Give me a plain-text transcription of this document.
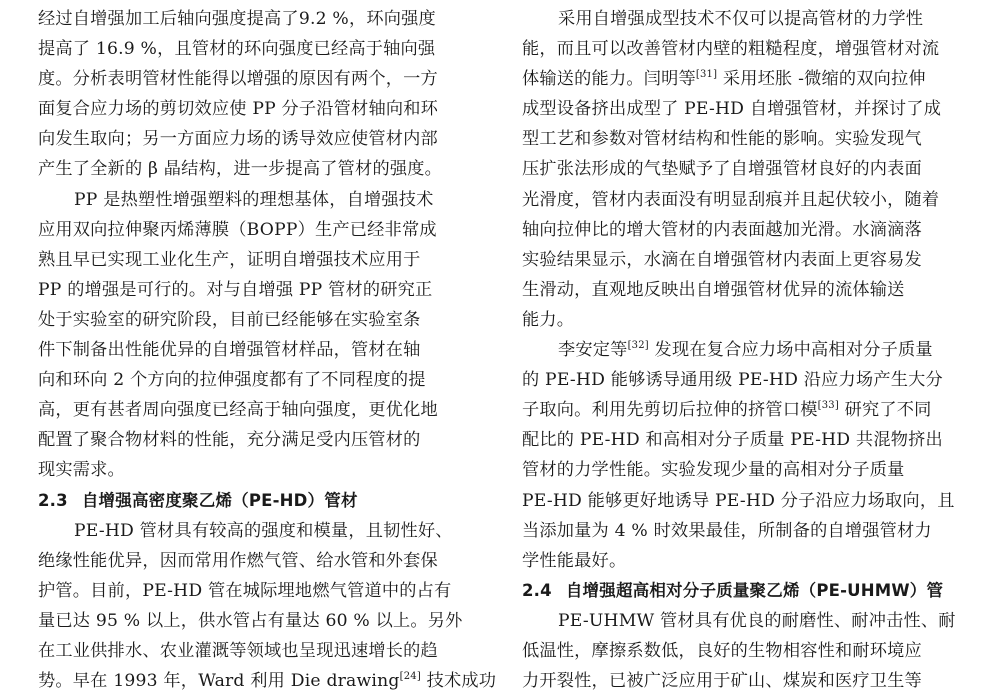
经过自增强加工后轴向强度提高了9.2 %，环向强度
提高了 16.9 %，且管材的环向强度已经高于轴向强
度。分析表明管材性能得以增强的原因有两个，一方
面复合应力场的剪切效应使 PP 分子沿管材轴向和环
向发生取向；另一方面应力场的诱导效应使管材内部
产生了全新的 β 晶结构，进一步提高了管材的强度。
PP 是热塑性增强塑料的理想基体，自增强技术
应用双向拉伸聚丙烯薄膜（BOPP）生产已经非常成
熟且早已实现工业化生产，证明自增强技术应用于
PP 的增强是可行的。对与自增强 PP 管材的研究正
处于实验室的研究阶段，目前已经能够在实验室条
件下制备出性能优异的自增强管材样品，管材在轴
向和环向 2 个方向的拉伸强度都有了不同程度的提
高，更有甚者周向强度已经高于轴向强度，更优化地
配置了聚合物材料的性能，充分满足受内压管材的
现实需求。
2.3 自增强高密度聚乙烯（PE-HD）管材
PE-HD 管材具有较高的强度和模量，且韧性好、
绝缘性能优异，因而常用作燃气管、给水管和外套保
护管。目前，PE-HD 管在城际埋地燃气管道中的占有
量已达 95 % 以上，供水管占有量达 60 % 以上。另外
在工业供排水、农业灌溉等领域也呈现迅速增长的趋
势。早在 1993 年，Ward 利用 Die drawing[24] 技术成功
采用自增强成型技术不仅可以提高管材的力学性
能，而且可以改善管材内壁的粗糙程度，增强管材对流
体输送的能力。闫明等[31] 采用坯胀 -微缩的双向拉伸
成型设备挤出成型了 PE-HD 自增强管材，并探讨了成
型工艺和参数对管材结构和性能的影响。实验发现气
压扩张法形成的气垫赋予了自增强管材良好的内表面
光滑度，管材内表面没有明显刮痕并且起伏较小，随着
轴向拉伸比的增大管材的内表面越加光滑。水滴滴落
实验结果显示，水滴在自增强管材内表面上更容易发
生滑动，直观地反映出自增强管材优异的流体输送
能力。
李安定等[32] 发现在复合应力场中高相对分子质量
的 PE-HD 能够诱导通用级 PE-HD 沿应力场产生大分
子取向。利用先剪切后拉伸的挤管口模[33] 研究了不同
配比的 PE-HD 和高相对分子质量 PE-HD 共混物挤出
管材的力学性能。实验发现少量的高相对分子质量
PE-HD 能够更好地诱导 PE-HD 分子沿应力场取向，且
当添加量为 4 % 时效果最佳，所制备的自增强管材力
学性能最好。
2.4 自增强超高相对分子质量聚乙烯（PE-UHMW）管
PE-UHMW 管材具有优良的耐磨性、耐冲击性、耐
低温性，摩擦系数低，良好的生物相容性和耐环境应
力开裂性，已被广泛应用于矿山、煤炭和医疗卫生等
